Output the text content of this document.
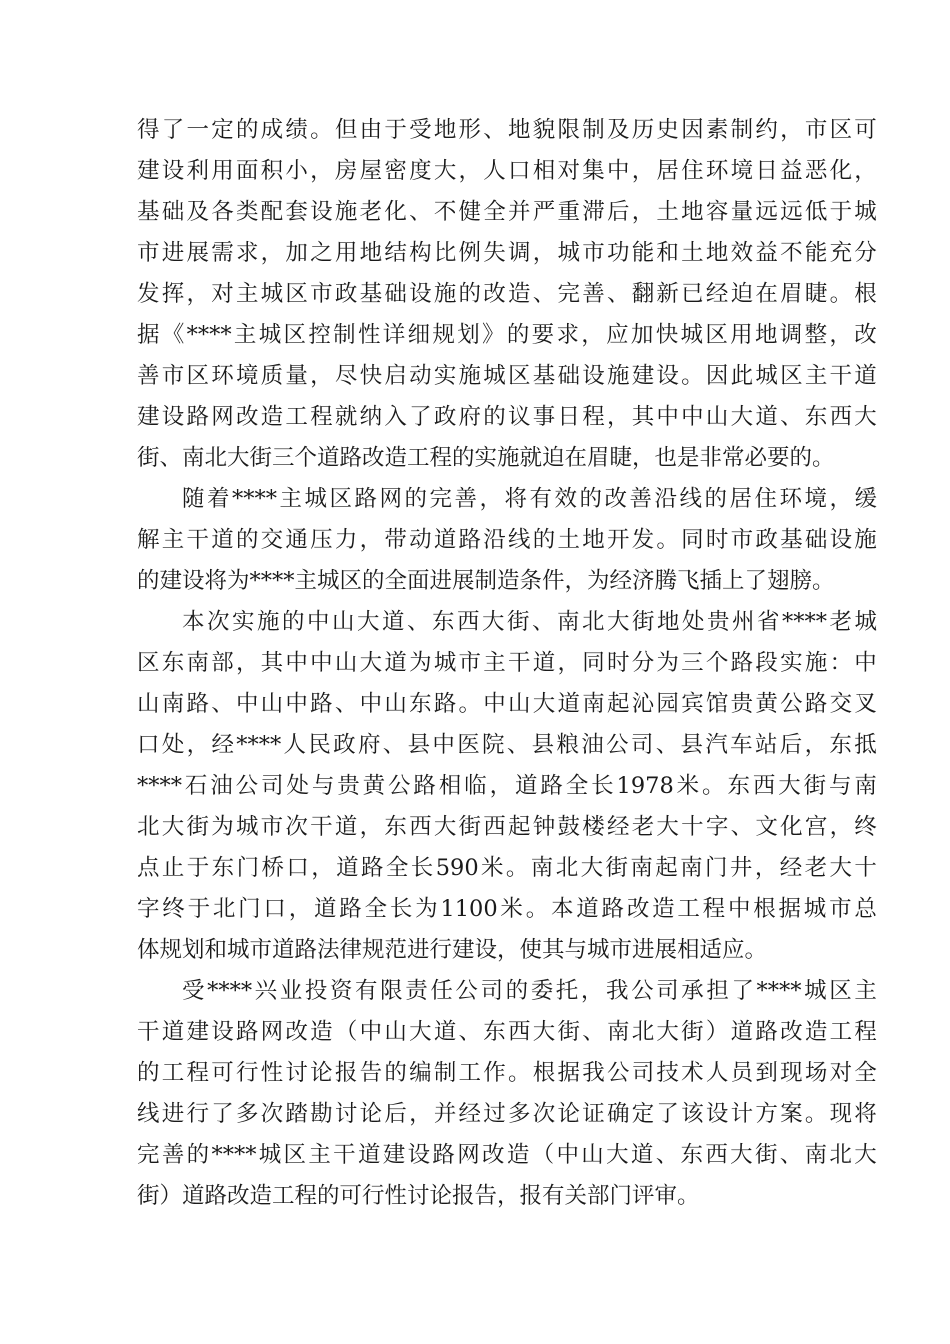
得 了 一 定 的 成 绩 。 但 由 于 受 地 形 、 地 貌 限 制 及 历 史 因 素 制 约 ， 市 区 可
建 设 利 用 面 积 小 ， 房 屋 密 度 大 ， 人 口 相 对 集 中 ， 居 住 环 境 日 益 恶 化 ，
基 础 及 各 类 配 套 设 施 老 化 、 不 健 全 并 严 重 滞 后 ， 土 地 容 量 远 远 低 于 城
市 进 展 需 求 ， 加 之 用 地 结 构 比 例 失 调 ， 城 市 功 能 和 土 地 效 益 不 能 充 分
发 挥 ， 对 主 城 区 市 政 基 础 设 施 的 改 造 、 完 善 、 翻 新 已 经 迫 在 眉 睫 。 根
据 《 **** 主 城 区 控 制 性 详 细 规 划 》 的 要 求 ， 应 加 快 城 区 用 地 调 整 ， 改
善 市 区 环 境 质 量 ， 尽 快 启 动 实 施 城 区 基 础 设 施 建 设 。 因 此 城 区 主 干 道
建 设 路 网 改 造 工 程 就 纳 入 了 政 府 的 议 事 日 程 ， 其 中 中 山 大 道 、 东 西 大
街、南北大街三个道路改造工程的实施就迫在眉睫，也是非常必要的。
随 着 **** 主 城 区 路 网 的 完 善 ， 将 有 效 的 改 善 沿 线 的 居 住 环 境 ， 缓
解 主 干 道 的 交 通 压 力 ， 带 动 道 路 沿 线 的 土 地 开 发 。 同 时 市 政 基 础 设 施
的建设将为****主城区的全面进展制造条件，为经济腾飞插上了翅膀。
本 次 实 施 的 中 山 大 道 、 东 西 大 街 、 南 北 大 街 地 处 贵 州 省 **** 老 城
区 东 南 部 ， 其 中 中 山 大 道 为 城 市 主 干 道 ， 同 时 分 为 三 个 路 段 实 施 ： 中
山 南 路 、 中 山 中 路 、 中 山 东 路 。 中 山 大 道 南 起 沁 园 宾 馆 贵 黄 公 路 交 叉
口 处 ， 经 **** 人 民 政 府 、 县 中 医 院 、 县 粮 油 公 司 、 县 汽 车 站 后 ， 东 抵
**** 石 油 公 司 处 与 贵 黄 公 路 相 临 ， 道 路 全 长 1978 米 。 东 西 大 街 与 南
北 大 街 为 城 市 次 干 道 ， 东 西 大 街 西 起 钟 鼓 楼 经 老 大 十 字 、 文 化 宫 ， 终
点 止 于 东 门 桥 口 ， 道 路 全 长 590 米 。 南 北 大 街 南 起 南 门 井 ， 经 老 大 十
字 终 于 北 门 口 ， 道 路 全 长 为 1100 米 。 本 道 路 改 造 工 程 中 根 据 城 市 总
体规划和城市道路法律规范进行建设，使其与城市进展相适应。
受 **** 兴 业 投 资 有 限 责 任 公 司 的 委 托 ， 我 公 司 承 担 了 **** 城 区 主
干 道 建 设 路 网 改 造 （ 中 山 大 道 、 东 西 大 街 、 南 北 大 街 ） 道 路 改 造 工 程
的 工 程 可 行 性 讨 论 报 告 的 编 制 工 作 。 根 据 我 公 司 技 术 人 员 到 现 场 对 全
线 进 行 了 多 次 踏 勘 讨 论 后 ， 并 经 过 多 次 论 证 确 定 了 该 设 计 方 案 。 现 将
完 善 的 **** 城 区 主 干 道 建 设 路 网 改 造 （ 中 山 大 道 、 东 西 大 街 、 南 北 大
街）道路改造工程的可行性讨论报告，报有关部门评审。
